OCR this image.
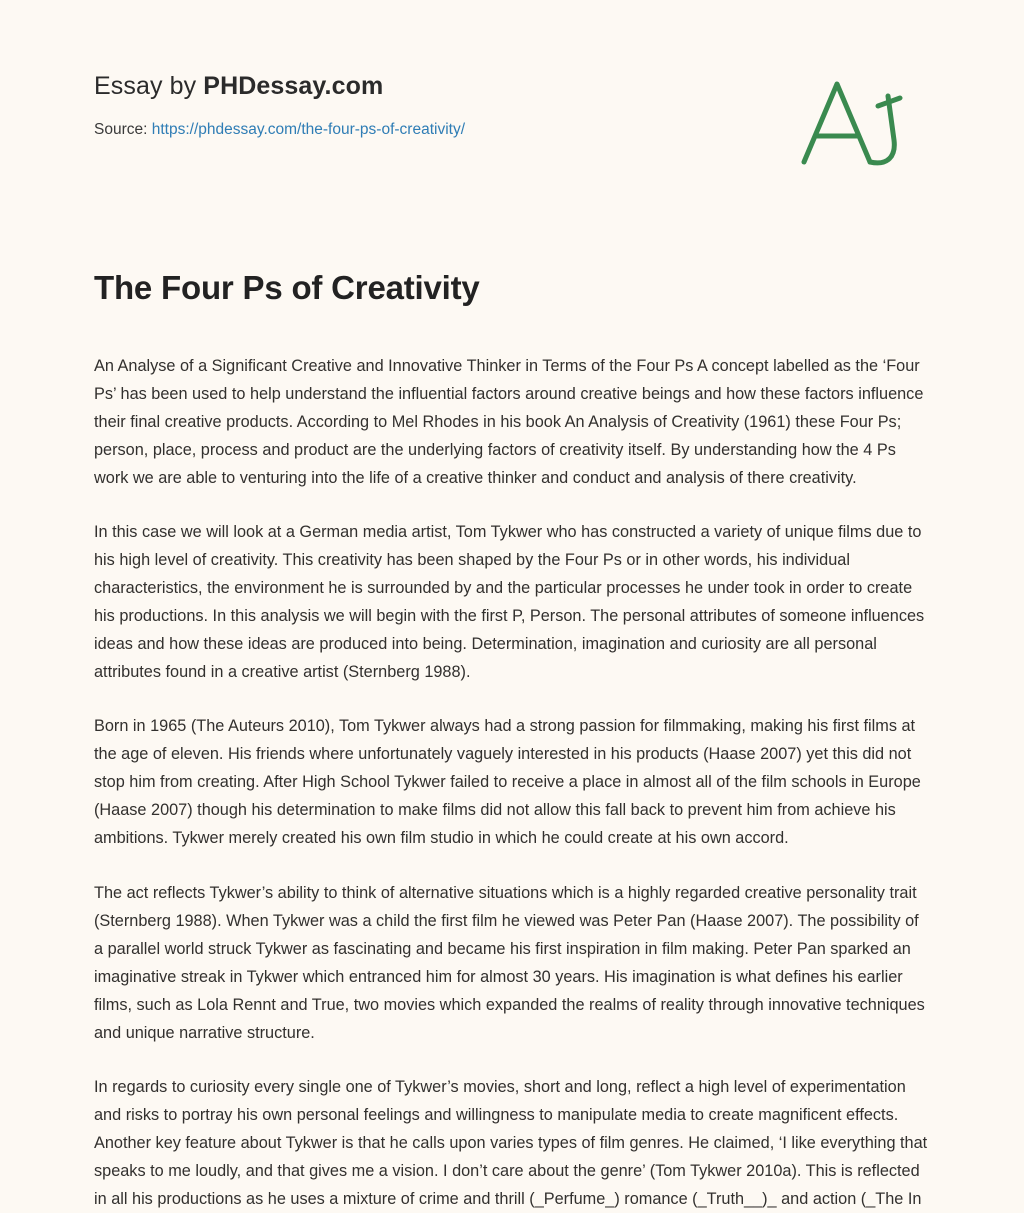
Essay by PHDessay.com
Source: https://phdessay.com/the-four-ps-of-creativity/
The Four Ps of Creativity

An Analyse of a Significant Creative and Innovative Thinker in Terms of the Four Ps A concept labelled as the ‘Four Ps’ has been used to help understand the influential factors around creative beings and how these factors influence their final creative products. According to Mel Rhodes in his book An Analysis of Creativity (1961) these Four Ps; person, place, process and product are the underlying factors of creativity itself. By understanding how the 4 Ps work we are able to venturing into the life of a creative thinker and conduct and analysis of there creativity.

In this case we will look at a German media artist, Tom Tykwer who has constructed a variety of unique films due to his high level of creativity. This creativity has been shaped by the Four Ps or in other words, his individual characteristics, the environment he is surrounded by and the particular processes he under took in order to create his productions. In this analysis we will begin with the first P, Person. The personal attributes of someone influences ideas and how these ideas are produced into being. Determination, imagination and curiosity are all personal attributes found in a creative artist (Sternberg 1988).

Born in 1965 (The Auteurs 2010), Tom Tykwer always had a strong passion for filmmaking, making his first films at the age of eleven. His friends where unfortunately vaguely interested in his products (Haase 2007) yet this did not stop him from creating. After High School Tykwer failed to receive a place in almost all of the film schools in Europe (Haase 2007) though his determination to make films did not allow this fall back to prevent him from achieve his ambitions. Tykwer merely created his own film studio in which he could create at his own accord.

The act reflects Tykwer’s ability to think of alternative situations which is a highly regarded creative personality trait (Sternberg 1988). When Tykwer was a child the first film he viewed was Peter Pan (Haase 2007). The possibility of a parallel world struck Tykwer as fascinating and became his first inspiration in film making. Peter Pan sparked an imaginative streak in Tykwer which entranced him for almost 30 years. His imagination is what defines his earlier films, such as Lola Rennt and True, two movies which expanded the realms of reality through innovative techniques and unique narrative structure.

In regards to curiosity every single one of Tykwer’s movies, short and long, reflect a high level of experimentation and risks to portray his own personal feelings and willingness to manipulate media to create magnificent effects. Another key feature about Tykwer is that he calls upon varies types of film genres. He claimed, ‘I like everything that speaks to me loudly, and that gives me a vision. I don’t care about the genre’ (Tom Tykwer 2010a). This is reflected in all his productions as he uses a mixture of crime and thrill (_Perfume_) romance (_Truth__)_ and action (_The In
